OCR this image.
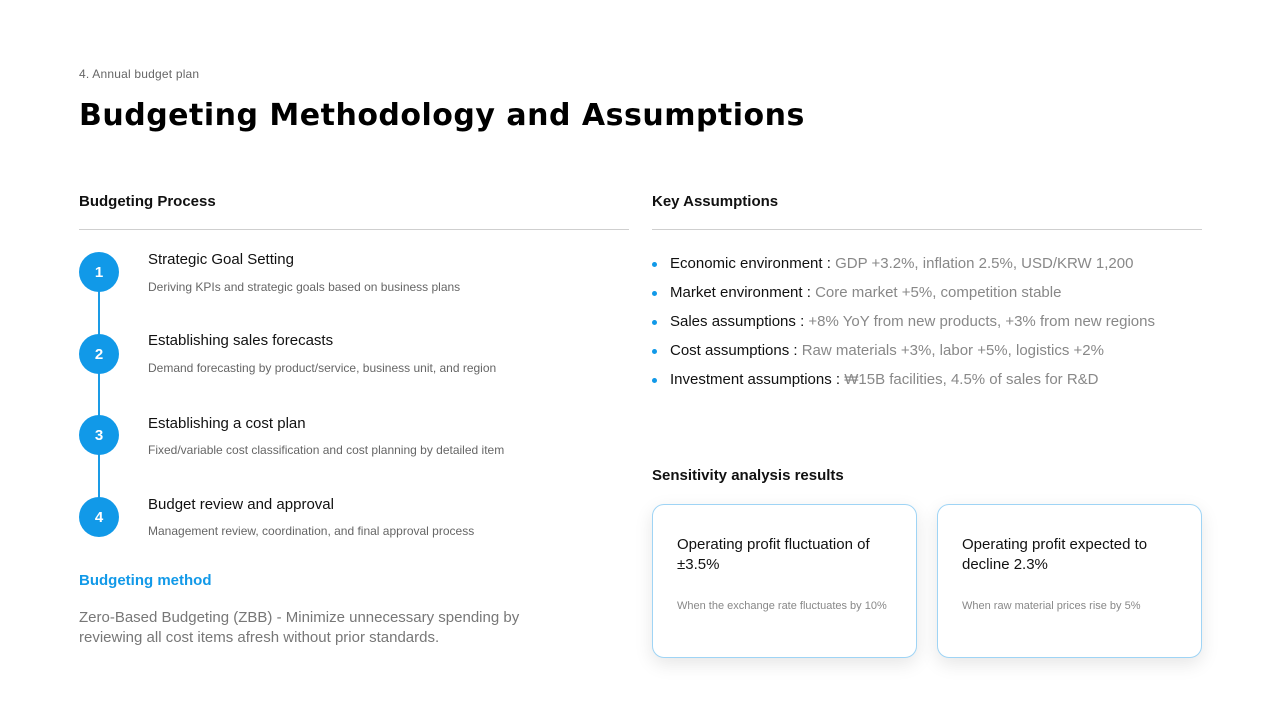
4. Annual budget plan
Budgeting Methodology and Assumptions
Budgeting Process
1
Strategic Goal Setting
Deriving KPIs and strategic goals based on business plans
2
Establishing sales forecasts
Demand forecasting by product/service, business unit, and region
3
Establishing a cost plan
Fixed/variable cost classification and cost planning by detailed item
4
Budget review and approval
Management review, coordination, and final approval process
Budgeting method
Zero-Based Budgeting (ZBB) - Minimize unnecessary spending by reviewing all cost items afresh without prior standards.
Key Assumptions
Economic environment : GDP +3.2%, inflation 2.5%, USD/KRW 1,200
Market environment : Core market +5%, competition stable
Sales assumptions : +8% YoY from new products, +3% from new regions
Cost assumptions : Raw materials +3%, labor +5%, logistics +2%
Investment assumptions : ₩15B facilities, 4.5% of sales for R&D
Sensitivity analysis results
Operating profit fluctuation of ±3.5%
When the exchange rate fluctuates by 10%
Operating profit expected to decline 2.3%
When raw material prices rise by 5%
